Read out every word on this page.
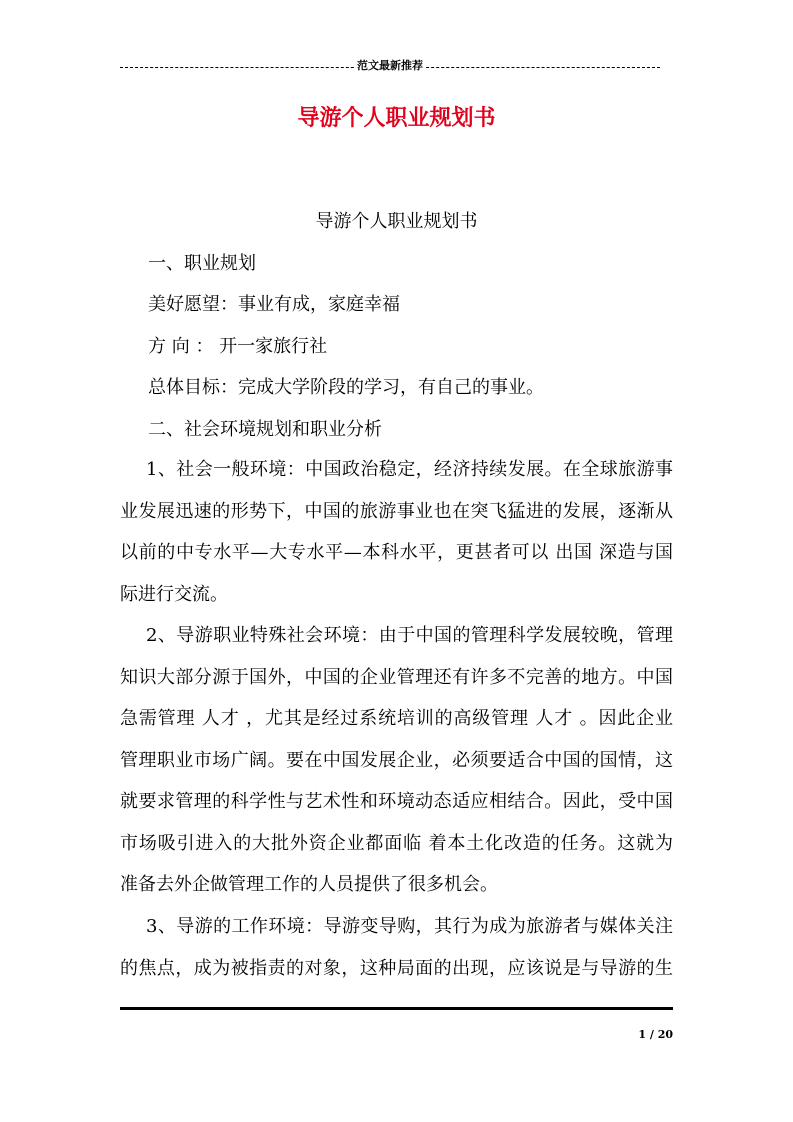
范文最新推荐
导游个人职业规划书
导游个人职业规划书
一、职业规划
美好愿望：事业有成，家庭幸福
方 向 ： 开一家旅行社
总体目标：完成大学阶段的学习，有自己的事业。
二、社会环境规划和职业分析
1、社会一般环境：中国政治稳定，经济持续发展。在全球旅游事
业发展迅速的形势下，中国的旅游事业也在突飞猛进的发展，逐渐从
以前的中专水平—大专水平—本科水平，更甚者可以 出国 深造与国
际进行交流。
2、导游职业特殊社会环境：由于中国的管理科学发展较晚，管理
知识大部分源于国外，中国的企业管理还有许多不完善的地方。中国
急需管理 人才 ，尤其是经过系统培训的高级管理 人才 。因此企业
管理职业市场广阔。要在中国发展企业，必须要适合中国的国情，这
就要求管理的科学性与艺术性和环境动态适应相结合。因此，受中国
市场吸引进入的大批外资企业都面临 着本土化改造的任务。这就为
准备去外企做管理工作的人员提供了很多机会。
3、导游的工作环境：导游变导购，其行为成为旅游者与媒体关注
的焦点，成为被指责的对象，这种局面的出现，应该说是与导游的生
1 / 20
